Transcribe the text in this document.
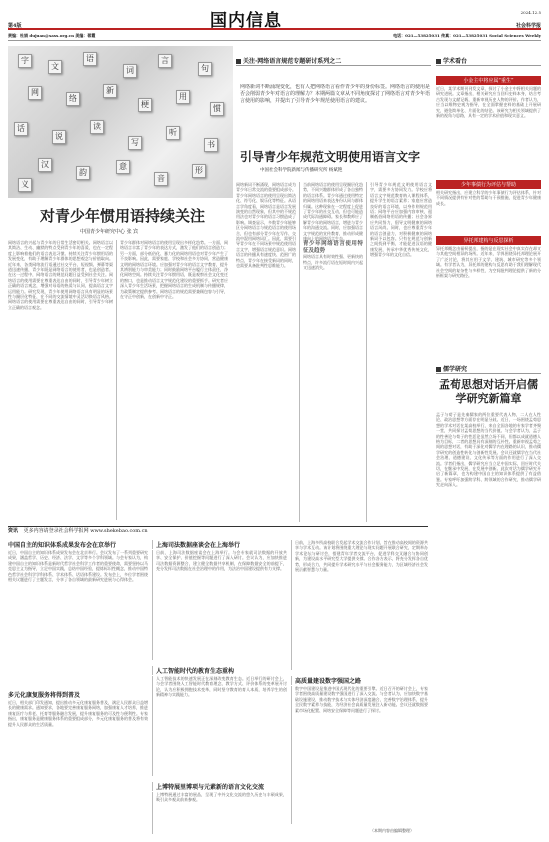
第4版	国内信息	2024.12.5
社会科学报
责编：杜娟 dujuan@sass.org.cn 美编：蓉霞	电话：021—53825031 传真：021—53825031 Social Sciences Weekly
字
文
语
词
言
句
网
络
新
梗
用
惯
话
说
读
写
听
书
汉
韵
意
音
形
义
对青少年惯用语持续关注
中国青少年研究中心 张 宾
网络语言的兴起与青少年的日常生活密切相关。网络语言以其简洁、生动、幽默的特点受到青少年的喜爱，也在一定程度上影响着他们的语言表达习惯。持续关注青少年惯用语的发展变化，有助于理解青少年群体的思想观念与价值取向。近年来，各类网络流行语通过社交平台、短视频、弹幕等渠道迅速传播，青少年既是网络语言的使用者，也是创造者。在这一过程中，网络语言的规范问题日益受到社会关注。网络语言的使用需要在尊重表达自由的同时，引导青少年树立正确的语言观念，增强对母语的热爱与认同，提高语言文字运用能力。研究发现，青少年使用网络语言具有明显的场景性与圈层化特征，在不同的交流情境中灵活切换语言风格。网络语言的使用需要在尊重表达自由的同时，引导青少年树立正确的语言观念。
青少年群体对网络语言的使用呈现出多样化趋势。一方面，网络语言丰富了青少年的表达方式，激发了他们的语言创造力；另一方面，部分低俗化、暴力化的网络用语也对青少年产生了不良影响。因此，需要家庭、学校和社会多方协同，营造健康文明的网络语言环境。应加强对青少年的语言文字教育，提升其辨别能力与审美能力；同时鼓励网络平台履行主体责任，净化网络空间。持续关注青少年惯用语，既是观察社会文化变迁的窗口，也是推动语言文字规范化建设的重要抓手。研究者应深入青少年生活场景，把握网络语言的生成机制与传播规律，为政策制定提供参考。网络语言的规范需要兼顾包容与引导，在守正中创新，在创新中守正。
关注·网络语言规范专题研讨系列之二
网络新词不断涌现变化，也有人把网络语言看作青少年的身份标签。网络语言的使用是否会削弱青少年对语言的理解力？本期两篇文章从不同角度探讨了网络语言对青少年语言使用的影响，并提出了引导青少年规范使用语言的建议。
引导青少年规范文明使用语言文字
中国社会科学院新闻与传播研究所 杨斌艳
网络新词不断涌现，网络语言成为青少年日常交流的重要组成部分。青少年网络语言的使用呈现出简洁化、符号化、娱乐化等特征。从语言学角度看，网络语言是语言发展演变的自然现象，但其中的不规范用法也对青少年的语言习惯造成了影响。调查显示，多数青少年能够区分网络语言与规范语言的使用场合，但也有部分青少年在写作、交流中混用网络词汇。因此，需要引导青少年在不同场景中规范使用语言文字，增强语言规范意识。网络语言的传播具有速度快、范围广的特点，青少年在接受新词的同时，也需要具备批判性思维能力。
当前网络语言的使用呈现圈层化趋势，不同兴趣群体形成了各自独特的语言体系。青少年通过使用特定的网络用语来表达身份认同与群体归属。这种现象在一定程度上促进了青少年的社交互动，但也可能造成代际沟通障碍。家长和教师应了解青少年的网络语言，增进与青少年的沟通交流。同时，应加强语言文字规范的宣传教育，推动形成健康向上的网络语言生态。
青少年网络语言使用特征及趋势
网络语言具有时效性强、更新快的特点，许多流行语在短时间内兴起又迅速消失。
引导青少年规范文明使用语言文字，需要多方协同发力。学校应将语言文字规范教育纳入课程体系，提升学生的语言素养；家庭应营造良好的语言环境，以身作则规范用语；网络平台应加强内容审核，遏制低俗网络用语的传播；社会各界应共同努力，倡导文明健康的网络语言风尚。同时，也应尊重青少年的语言创造力，对积极健康的网络新词予以包容。只有在规范与创新之间找到平衡，才能促进汉语的健康发展，传承中华优秀传统文化，增强青少年的文化自信。
学术看台
小金主中将应属“重生”
近日，某学术期刊刊发文章，探讨了小金主中将相关问题的研究进展。文章指出，相关研究应当回归史料本身，结合考古发现与文献记载，重新审视历史人物的评价。作者认为，应当以唯物史观为指导，在全面掌握史料的基础上开展研究，避免简单化、片面化的结论。该研究为相关领域提供了新的视角与思路，具有一定的学术价值和现实意义。
少年事债行为评估与帮助
相关研究指出，应建立科学的少年事债行为评估体系，针对不同情况提供有针对性的帮助与干预措施，促进青少年健康成长。
异托邦建构与反思探析
异托邦概念由福柯提出，指的是在现实社会中真实存在却又与其他空间相异的场所。近年来，学界围绕异托邦理论展开了广泛讨论，将其应用于文学、建筑、城市研究等多个领域。有学者认为，异托邦的建构与反思有助于我们理解现代社会空间的复杂性与多样性，为空间批判理论提供了新的分析框架与研究路径。
儒学研究
孟荀思想对话开启儒学研究新篇章
孟子与荀子是先秦儒家的两位重要代表人物，二人在人性论、政治思想等方面存在明显分歧。近日，一场围绕孟荀思想的学术对话在某高校举行，来自全国各地的专家学者齐聚一堂，共同探讨孟荀思想的当代价值。与会学者认为，孟子的性善论与荀子的性恶论虽然立场不同，但都以成就道德人格为目标，二者的思想具有深刻的互补性。重新审视孟荀之间的思想对话，有助于深化对儒学内在理路的认识，推动儒学研究的创造性转化与创新性发展。会议还就儒学在当代社会治理、道德建设、文化传承等方面的作用进行了深入交流。学者们指出，儒学研究应当立足中国实际，回应时代关切，在继承中发展，在发展中创新。此次对话为儒学研究开启了新篇章，也为构建中国自主的知识体系提供了有益借鉴。专家呼吁加强跨学科、跨领域的合作研究，推动儒学研究走向深入。
资讯 更多内容请登录社会科学报网 www.shekebao.com.cn
中国自主的知识体系成果发布会在京举行
近日，中国自主的知识体系成果发布会在北京举行。会议发布了一系列重要研究成果，涵盖哲学、历史、经济、法学、文学等多个学科领域。与会专家认为，构建中国自主的知识体系是新时代哲学社会科学工作者的重要使命，需要坚持以马克思主义为指导，立足中国实践，总结中国经验，提炼标识性概念，推动中国特色哲学社会科学学科体系、学术体系、话语体系建设。发布会上，多位学者围绕相关议题进行了主题发言，分享了各自领域的最新研究进展与心得体会。
多元化康复服务将得到普及
近日，相关部门印发通知，提出推动多元化康复服务普及，满足人民群众日益增长的健康需求。通知要求，各地要完善康复服务网络，加强康复人才培养，推进康复医疗与养老、托育等服务融合发展，提升康复服务的可及性与便利性。专家指出，康复服务是健康服务体系的重要组成部分，多元化康复服务的普及将有效提升人民群众的生活质量。
上海司法数据座谈会在上海举行
日前，上海司法数据座谈会在上海举行。与会专家就司法数据的开放共享、安全保护、价值挖掘等问题进行了深入研讨。会议认为，应加快推进司法数据资源整合，建立健全数据共享机制，在保障数据安全的前提下，充分发挥司法数据在社会治理中的作用，为法治中国建设提供有力支撑。
人工智能时代的教育生态重构
人工智能技术的快速发展正在深刻改变教育生态。近日举行的研讨会上，与会学者围绕人工智能时代教育理念、教学方式、评价体系的变革展开讨论，认为应积极拥抱技术变革，同时坚守教育的育人本质，培养学生的创新精神与实践能力。
上博特展里博项与元素新的语言文化交流
上博特展通过丰富的展品，呈现了中外文化交流的悠久历史与丰硕成果，吸引众多观众前来参观。
日前，上海多所高校联合发起学术交流合作计划，旨在推动高校间的资源共享与学术互动。该计划将围绕重大理论与现实问题开展联合研究，定期举办学术论坛与研讨会，搭建青年学者交流平台，促进学科交叉融合与协同创新，为建设高水平研究型大学提供支撑。合作各方表示，将充分发挥各自优势，形成合力，共同提升学术研究水平与社会服务能力，为区域经济社会发展贡献智慧与力量。
高质量建设数字强国之路
数字中国建设是推进中国式现代化的重要引擎。近日召开的研讨会上，专家学者围绕高质量建设数字强国进行了深入交流。与会者认为，应加快数字基础设施建设，推动数字技术与实体经济深度融合，完善数字治理体系，提升全民数字素养与技能，为经济社会高质量发展注入新动能。会议还就数据要素市场化配置、网络安全保障等问题进行了探讨。
（本期内容由编辑整理）
